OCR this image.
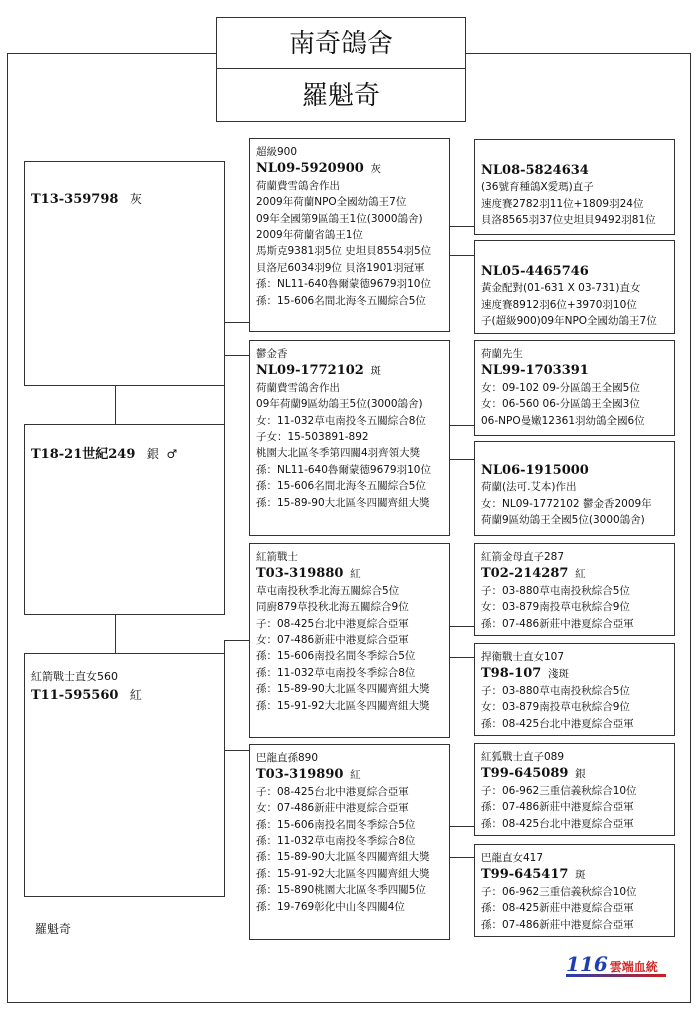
南奇鴿舍
羅魁奇
T13-359798 灰
T18-21世紀249 銀 ♂
紅箭戰士直女560
T11-595560 紅
超級900
NL09-5920900 灰
荷蘭費雪鴿舍作出
2009年荷蘭NPO全國幼鴿王7位
09年全國第9區鴿王1位(3000鴿舍)
2009年荷蘭省鴿王1位
馬斯克9381羽5位 史坦貝8554羽5位
貝洛尼6034羽9位 貝洛1901羽冠軍
孫：NL11-640魯爾蒙德9679羽10位
孫：15-606名間北海冬五關綜合5位
鬱金香
NL09-1772102 斑
荷蘭費雪鴿舍作出
09年荷蘭9區幼鴿王5位(3000鴿舍)
女：11-032草屯南投冬五關綜合8位
子女：15-503891-892
桃園大北區冬季第四關4羽齊領大獎
孫：NL11-640魯爾蒙德9679羽10位
孫：15-606名間北海冬五關綜合5位
孫：15-89-90大北區冬四關齊組大獎
紅箭戰士
T03-319880 紅
草屯南投秋季北海五關綜合5位
同廚879草投秋北海五關綜合9位
子：08-425台北中港夏綜合亞軍
女：07-486新莊中港夏綜合亞軍
孫：15-606南投名間冬季綜合5位
孫：11-032草屯南投冬季綜合8位
孫：15-89-90大北區冬四關齊組大獎
孫：15-91-92大北區冬四關齊組大獎
巴龍直孫890
T03-319890 紅
子：08-425台北中港夏綜合亞軍
女：07-486新莊中港夏綜合亞軍
孫：15-606南投名間冬季綜合5位
孫：11-032草屯南投冬季綜合8位
孫：15-89-90大北區冬四關齊組大獎
孫：15-91-92大北區冬四關齊組大獎
孫：15-890桃園大北區冬季四關5位
孫：19-769彰化中山冬四關4位
NL08-5824634
(36號育種鴿X愛瑪)直子
速度賽2782羽11位+1809羽24位
貝洛8565羽37位史坦貝9492羽81位
NL05-4465746
黃金配對(01-631 X 03-731)直女
速度賽8912羽6位+3970羽10位
子(超級900)09年NPO全國幼鴿王7位
荷蘭先生
NL99-1703391
女：09-102 09-分區鴿王全國5位
女：06-560 06-分區鴿王全國3位
06-NPO曼嫩12361羽幼鴿全國6位
NL06-1915000
荷蘭(法可.艾本)作出
女：NL09-1772102 鬱金香2009年
荷蘭9區幼鴿王全國5位(3000鴿舍)
紅箭金母直子287
T02-214287 紅
子：03-880草屯南投秋綜合5位
女：03-879南投草屯秋綜合9位
孫：07-486新莊中港夏綜合亞軍
捍衛戰士直女107
T98-107 淺斑
子：03-880草屯南投秋綜合5位
女：03-879南投草屯秋綜合9位
孫：08-425台北中港夏綜合亞軍
紅狐戰士直子089
T99-645089 銀
子：06-962三重信義秋綜合10位
孫：07-486新莊中港夏綜合亞軍
孫：08-425台北中港夏綜合亞軍
巴龍直女417
T99-645417 斑
子：06-962三重信義秋綜合10位
孫：08-425新莊中港夏綜合亞軍
孫：07-486新莊中港夏綜合亞軍
羅魁奇
116 雲端血統
